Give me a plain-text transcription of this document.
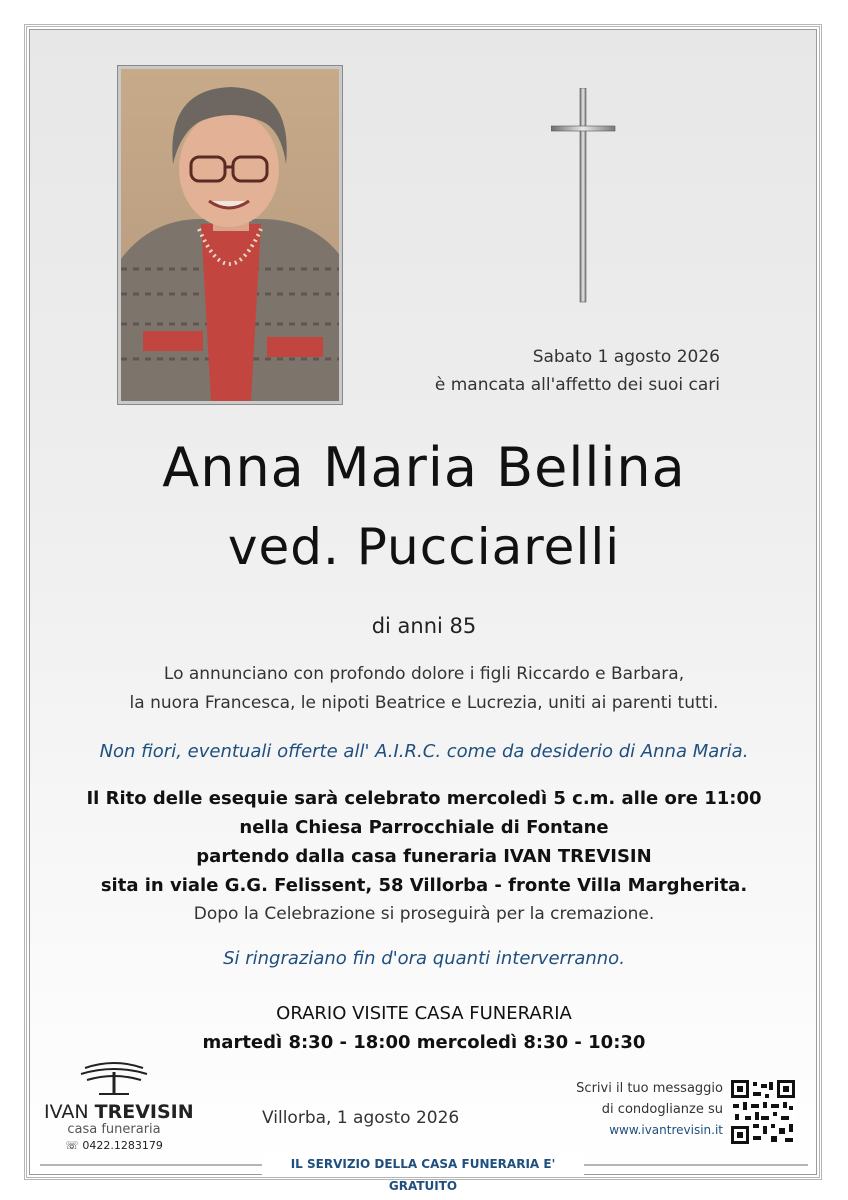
Sabato 1 agosto 2026
è mancata all'affetto dei suoi cari
Anna Maria Bellina
ved. Pucciarelli
di anni 85
Lo annunciano con profondo dolore i figli Riccardo e Barbara,
la nuora Francesca, le nipoti Beatrice e Lucrezia, uniti ai parenti tutti.
Non fiori, eventuali offerte all' A.I.R.C. come da desiderio di Anna Maria.
Il Rito delle esequie sarà celebrato mercoledì 5 c.m. alle ore 11:00
nella Chiesa Parrocchiale di Fontane
partendo dalla casa funeraria IVAN TREVISIN
sita in viale G.G. Felissent, 58 Villorba - fronte Villa Margherita.
Dopo la Celebrazione si proseguirà per la cremazione.
Si ringraziano fin d'ora quanti interverranno.
ORARIO VISITE CASA FUNERARIA
martedì 8:30 - 18:00 mercoledì 8:30 - 10:30
IVAN TREVISIN
casa funeraria
☏ 0422.1283179
Villorba, 1 agosto 2026
Scrivi il tuo messaggio
di condoglianze su
www.ivantrevisin.it
IL SERVIZIO DELLA CASA FUNERARIA E' GRATUITO
